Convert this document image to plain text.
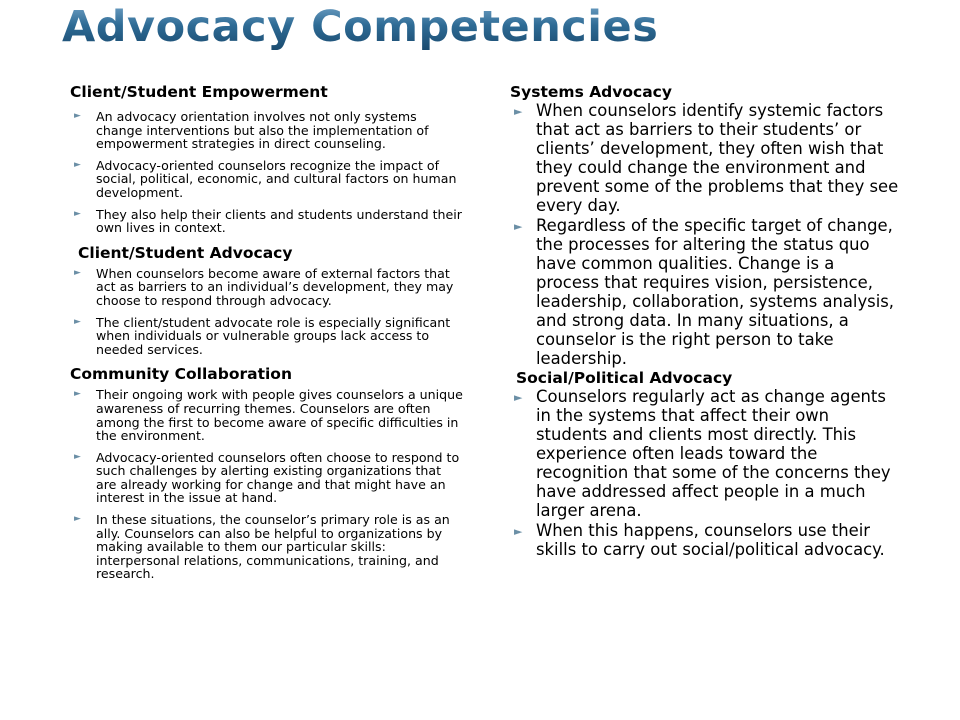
Advocacy Competencies

Client/Student Empowerment

► An advocacy orientation involves not only systems change interventions but also the implementation of empowerment strategies in direct counseling.
► Advocacy-oriented counselors recognize the impact of social, political, economic, and cultural factors on human development.
► They also help their clients and students understand their own lives in context.

Client/Student Advocacy

► When counselors become aware of external factors that act as barriers to an individual’s development, they may choose to respond through advocacy.
► The client/student advocate role is especially significant when individuals or vulnerable groups lack access to needed services.

Community Collaboration

► Their ongoing work with people gives counselors a unique awareness of recurring themes. Counselors are often among the first to become aware of specific difficulties in the environment.
► Advocacy-oriented counselors often choose to respond to such challenges by alerting existing organizations that are already working for change and that might have an interest in the issue at hand.
► In these situations, the counselor’s primary role is as an ally. Counselors can also be helpful to organizations by making available to them our particular skills: interpersonal relations, communications, training, and research.

Systems Advocacy

► When counselors identify systemic factors that act as barriers to their students’ or clients’ development, they often wish that they could change the environment and prevent some of the problems that they see every day.
► Regardless of the specific target of change, the processes for altering the status quo have common qualities. Change is a process that requires vision, persistence, leadership, collaboration, systems analysis, and strong data. In many situations, a counselor is the right person to take leadership.

Social/Political Advocacy

► Counselors regularly act as change agents in the systems that affect their own students and clients most directly. This experience often leads toward the recognition that some of the concerns they have addressed affect people in a much larger arena.
► When this happens, counselors use their skills to carry out social/political advocacy.
